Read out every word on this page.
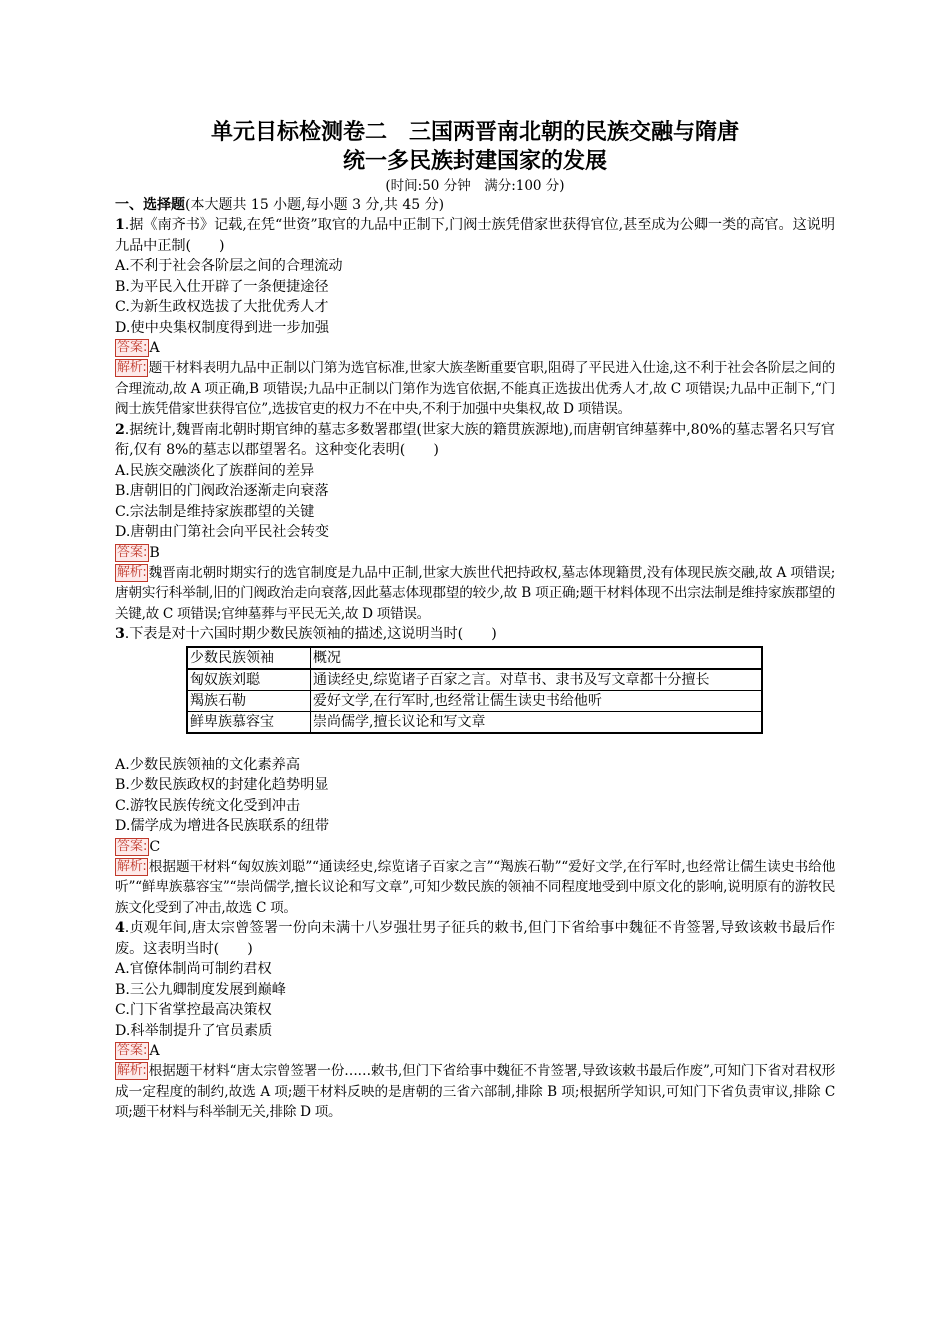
单元目标检测卷二　三国两晋南北朝的民族交融与隋唐
统一多民族封建国家的发展
(时间:50 分钟　满分:100 分)
一、选择题(本大题共 15 小题,每小题 3 分,共 45 分)
1.据《南齐书》记载,在凭“世资”取官的九品中正制下,门阀士族凭借家世获得官位,甚至成为公卿一类的高官。这说明九品中正制(　　)
A.不利于社会各阶层之间的合理流动
B.为平民入仕开辟了一条便捷途径
C.为新生政权选拔了大批优秀人才
D.使中央集权制度得到进一步加强
答案: A
解析: 题干材料表明九品中正制以门第为选官标准,世家大族垄断重要官职,阻碍了平民进入仕途,这不利于社会各阶层之间的合理流动,故 A 项正确,B 项错误;九品中正制以门第作为选官依据,不能真正选拔出优秀人才,故 C 项错误;九品中正制下,“门阀士族凭借家世获得官位”,选拔官吏的权力不在中央,不利于加强中央集权,故 D 项错误。
2.据统计,魏晋南北朝时期官绅的墓志多数署郡望(世家大族的籍贯族源地),而唐朝官绅墓葬中,80%的墓志署名只写官衔,仅有 8%的墓志以郡望署名。这种变化表明(　　)
A.民族交融淡化了族群间的差异
B.唐朝旧的门阀政治逐渐走向衰落
C.宗法制是维持家族郡望的关键
D.唐朝由门第社会向平民社会转变
答案: B
解析: 魏晋南北朝时期实行的选官制度是九品中正制,世家大族世代把持政权,墓志体现籍贯,没有体现民族交融,故 A 项错误;唐朝实行科举制,旧的门阀政治走向衰落,因此墓志体现郡望的较少,故 B 项正确;题干材料体现不出宗法制是维持家族郡望的关键,故 C 项错误;官绅墓葬与平民无关,故 D 项错误。
3.下表是对十六国时期少数民族领袖的描述,这说明当时(　　)
少数民族领袖	概况
匈奴族刘聪	通读经史,综览诸子百家之言。对草书、隶书及写文章都十分擅长
羯族石勒	爱好文学,在行军时,也经常让儒生读史书给他听
鲜卑族慕容宝	崇尚儒学,擅长议论和写文章
A.少数民族领袖的文化素养高
B.少数民族政权的封建化趋势明显
C.游牧民族传统文化受到冲击
D.儒学成为增进各民族联系的纽带
答案: C
解析: 根据题干材料“匈奴族刘聪”“通读经史,综览诸子百家之言”“羯族石勒”“爱好文学,在行军时,也经常让儒生读史书给他听”“鲜卑族慕容宝”“崇尚儒学,擅长议论和写文章”,可知少数民族的领袖不同程度地受到中原文化的影响,说明原有的游牧民族文化受到了冲击,故选 C 项。
4.贞观年间,唐太宗曾签署一份向未满十八岁强壮男子征兵的敕书,但门下省给事中魏征不肯签署,导致该敕书最后作废。这表明当时(　　)
A.官僚体制尚可制约君权
B.三公九卿制度发展到巅峰
C.门下省掌控最高决策权
D.科举制提升了官员素质
答案: A
解析: 根据题干材料“唐太宗曾签署一份……敕书,但门下省给事中魏征不肯签署,导致该敕书最后作废”,可知门下省对君权形成一定程度的制约,故选 A 项;题干材料反映的是唐朝的三省六部制,排除 B 项;根据所学知识,可知门下省负责审议,排除 C 项;题干材料与科举制无关,排除 D 项。
